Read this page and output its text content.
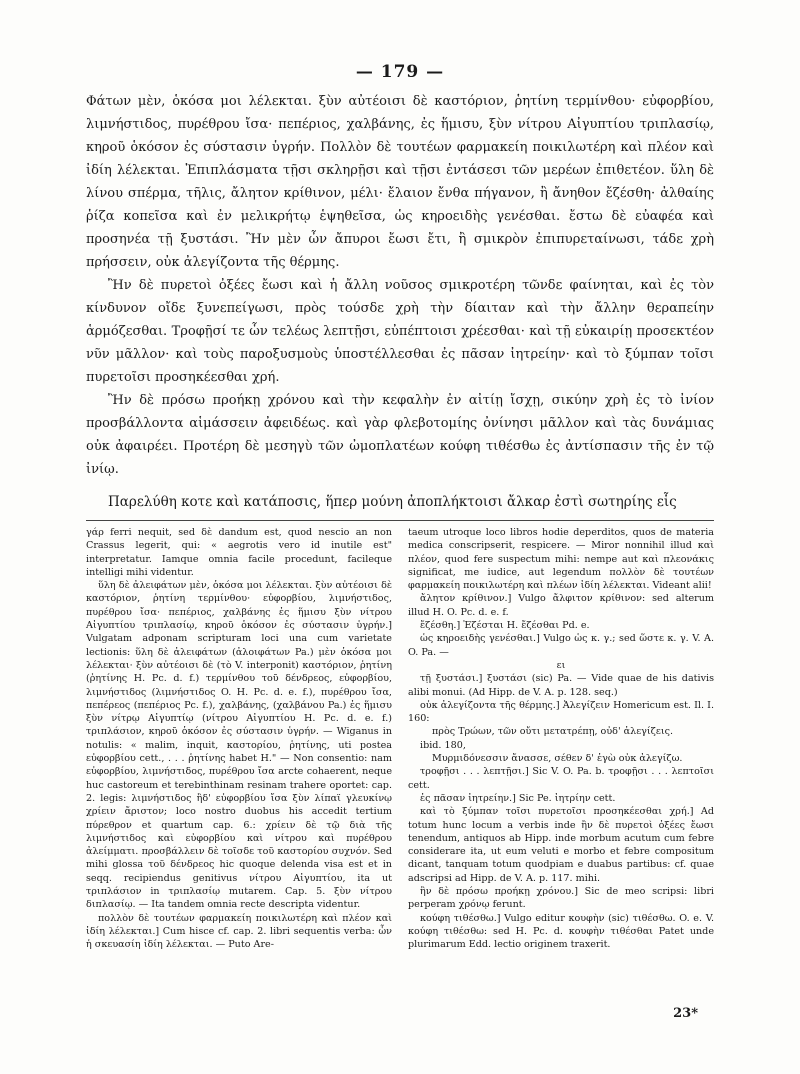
— 179 —

Φάτων μὲν, ὁκόσα μοι λέλεκται. ξὺν αὐτέοισι δὲ καστόριον, ῥητίνη τερμίνθου· εὐφορβίου, λιμνήστιδος, πυρέθρου ἴσα· πεπέριος, χαλβάνης, ἐς ἥμισυ, ξὺν νίτρου Αἰγυπτίου τριπλασίῳ, κηροῦ ὁκόσον ἐς σύστασιν ὑγρήν. Πολλὸν δὲ τουτέων φαρμακείη ποικιλωτέρη καὶ πλέον καὶ ἰδίη λέλεκται. Ἐπιπλάσματα τῇσι σκληρῇσι καὶ τῇσι ἐντάσεσι τῶν μερέων ἐπιθετέον. ὕλη δὲ λίνου σπέρμα, τῆλις, ἄλητον κρίθινον, μέλι· ἔλαιον ἔνθα πήγανον, ἢ ἄνηθον ἔζέσθη· ἀλθαίης ῥίζα κοπεῖσα καὶ ἐν μελικρήτῳ ἑψηθεῖσα, ὡς κηροειδὴς γενέσθαι. ἔστω δὲ εὐαφέα καὶ προσηνέα τῇ ξυστάσι. Ἢν μὲν ὦν ἄπυροι ἔωσι ἔτι, ἢ σμικρὸν ἐπιπυρεταίνωσι, τάδε χρὴ πρήσσειν, οὐκ ἀλεγίζοντα τῆς θέρμης.

Ἢν δὲ πυρετοὶ ὀξέες ἔωσι καὶ ἡ ἄλλη νοῦσος σμικροτέρη τῶνδε φαίνηται, καὶ ἐς τὸν κίνδυνον οἴδε ξυνεπείγωσι, πρὸς τούσδε χρὴ τὴν δίαιταν καὶ τὴν ἄλλην θεραπείην ἁρμόζεσθαι. Τροφῇσί τε ὧν τελέως λεπτῇσι, εὐπέπτοισι χρέεσθαι· καὶ τῇ εὐκαιρίῃ προσεκτέον νῦν μᾶλλον· καὶ τοὺς παροξυσμοὺς ὑποστέλλεσθαι ἐς πᾶσαν ἰητρείην· καὶ τὸ ξύμπαν τοῖσι πυρετοῖσι προσηκέεσθαι χρή.

Ἢν δὲ πρόσω προήκῃ χρόνου καὶ τὴν κεφαλὴν ἐν αἰτίῃ ἴσχῃ, σικύην χρὴ ἐς τὸ ἰνίον προσβάλλοντα αἱμάσσειν ἀφειδέως. καὶ γὰρ φλεβοτομίης ὀνίνησι μᾶλλον καὶ τὰς δυνάμιας οὐκ ἀφαιρέει. Προτέρη δὲ μεσηγὺ τῶν ὠμοπλατέων κούφη τιθέσθω ἐς ἀντίσπασιν τῆς ἐν τῷ ἰνίῳ.

Παρελύθη κοτε καὶ κατάποσις, ἥπερ μούνη ἀποπλήκτοισι ἄλκαρ ἐστὶ σωτηρίης εἷς

γάρ ferri nequit, sed δὲ dandum est, quod nescio an non Crassus legerit, qui: « aegrotis vero id inutile est" interpretatur. Iamque omnia facile procedunt, facileque intelligi mihi videntur.

ὕλη δὲ ἀλειφάτων μὲν, ὁκόσα μοι λέλεκται. ξὺν αὐτέοισι δὲ καστόριον, ῥητίνη τερμίνθου· εὐφορβίου, λιμνήστιδος, πυρέθρου ἴσα· πεπέριος, χαλβάνης ἐς ἥμισυ ξὺν νίτρου Αἰγυπτίου τριπλασίῳ, κηροῦ ὁκόσον ἐς σύστασιν ὑγρήν.] Vulgatam adponam scripturam loci una cum varietate lectionis: ὕλη δὲ ἀλειφάτων (ἀλοιφάτων Pa.) μὲν ὁκόσα μοι λέλεκται· ξὺν αὐτέοισι δὲ (τὸ V. interponit) καστόριον, ῥητίνη (ῥητίνης H. Pc. d. f.) τερμίνθου τοῦ δένδρεος, εὐφορβίου, λιμνήστιδος (λιμνήστιδος O. H. Pc. d. e. f.), πυρέθρου ἴσα, πεπέρεος (πεπέριος Pc. f.), χαλβάνης, (χαλβάνου Pa.) ἐς ἥμισυ ξὺν νίτρῳ Αἰγυπτίῳ (νίτρου Αἰγυπτίου H. Pc. d. e. f.) τριπλάσιον, κηροῦ ὁκόσον ἐς σύστασιν ὑγρήν. — Wiganus in notulis: « malim, inquit, καστορίου, ῥητίνης, uti postea εὐφορβίου cett., . . . ῥητίνης habet H." — Non consentio: nam εὐφορβίου, λιμνήστιδος, πυρέθρου ἴσα arcte cohaerent, neque huc castoreum et terebinthinam resinam trahere oportet: cap. 2. legis: λιμνήστιδος ἢδ' εὐφορβίου ἴσα ξὺν λίπαϊ γλευκίνῳ χρίειν ἄριστον; loco nostro duobus his accedit tertium πύρεθρον et quartum cap. 6.: χρίειν δὲ τῷ διὰ τῆς λιμνήστιδος καὶ εὐφορβίου καὶ νίτρου καὶ πυρέθρου ἀλείμματι. προσβάλλειν δὲ τοῖσδε τοῦ καστορίου συχνόν. Sed mihi glossa τοῦ δένδρεος hic quoque delenda visa est et in seqq. recipiendus genitivus νίτρου Αἰγυπτίου, ita ut τριπλάσιον in τριπλασίῳ mutarem. Cap. 5. ξὺν νίτρου διπλασίῳ. — Ita tandem omnia recte descripta videntur.

πολλὸν δὲ τουτέων φαρμακείη ποικιλωτέρη καὶ πλέον καὶ ἰδίη λέλεκται.] Cum hisce cf. cap. 2. libri sequentis verba: ὧν ἡ σκευασίη ἰδίη λέλεκται. — Puto Are-

taeum utroque loco libros hodie deperditos, quos de materia medica conscripserit, respicere. — Miror nonnihil illud καὶ πλέον, quod fere suspectum mihi: nempe aut καὶ πλεονάκις significat, me iudice, aut legendum πολλὸν δὲ τουτέων φαρμακείη ποικιλωτέρη καὶ πλέων ἰδίη λέλεκται. Videant alii!

ἄλητον κρίθινον.] Vulgo ἄλφιτον κρίθινον: sed alterum illud H. O. Pc. d. e. f.

ἔζέσθη.] Ἐζέσται H. ἔζέσθαι Pd. e.

ὡς κηροειδὴς γενέσθαι.] Vulgo ὡς κ. γ.; sed ὥστε κ. γ. V. A. O. Pa. —

ει

τῇ ξυστάσι.] ξυστάσι (sic) Pa. — Vide quae de his dativis alibi monui. (Ad Hipp. de V. A. p. 128. seq.)

οὐκ ἀλεγίζοντα τῆς θέρμης.] Ἀλεγίζειν Homericum est. Il. I. 160:

πρὸς Τρώων, τῶν οὔτι μετατρέπῃ, οὐδ' ἀλεγίζεις.

ibid. 180,

Μυρμιδόνεσσιν ἄνασσε, σέθεν δ' ἐγὼ οὐκ ἀλεγίζω.

τροφῇσι . . . λεπτῇσι.] Sic V. O. Pa. b. τροφῇσι . . . λεπτοῖσι cett.

ἐς πᾶσαν ἰητρείην.] Sic Pe. ἰητρίην cett.

καὶ τὸ ξύμπαν τοῖσι πυρετοῖσι προσηκέεσθαι χρή.] Ad totum hunc locum a verbis inde ἢν δὲ πυρετοὶ ὀξέες ἔωσι tenendum, antiquos ab Hipp. inde morbum acutum cum febre considerare ita, ut eum veluti e morbo et febre compositum dicant, tanquam totum quodpiam e duabus partibus: cf. quae adscripsi ad Hipp. de V. A. p. 117. mihi.

ἢν δὲ πρόσω προήκῃ χρόνου.] Sic de meo scripsi: libri perperam χρόνῳ ferunt.

κούφη τιθέσθω.] Vulgo editur κουφὴν (sic) τιθέσθω. O. e. V. κούφη τιθέσθω: sed H. Pc. d. κουφὴν τιθέσθαι Patet unde plurimarum Edd. lectio originem traxerit.

23*
